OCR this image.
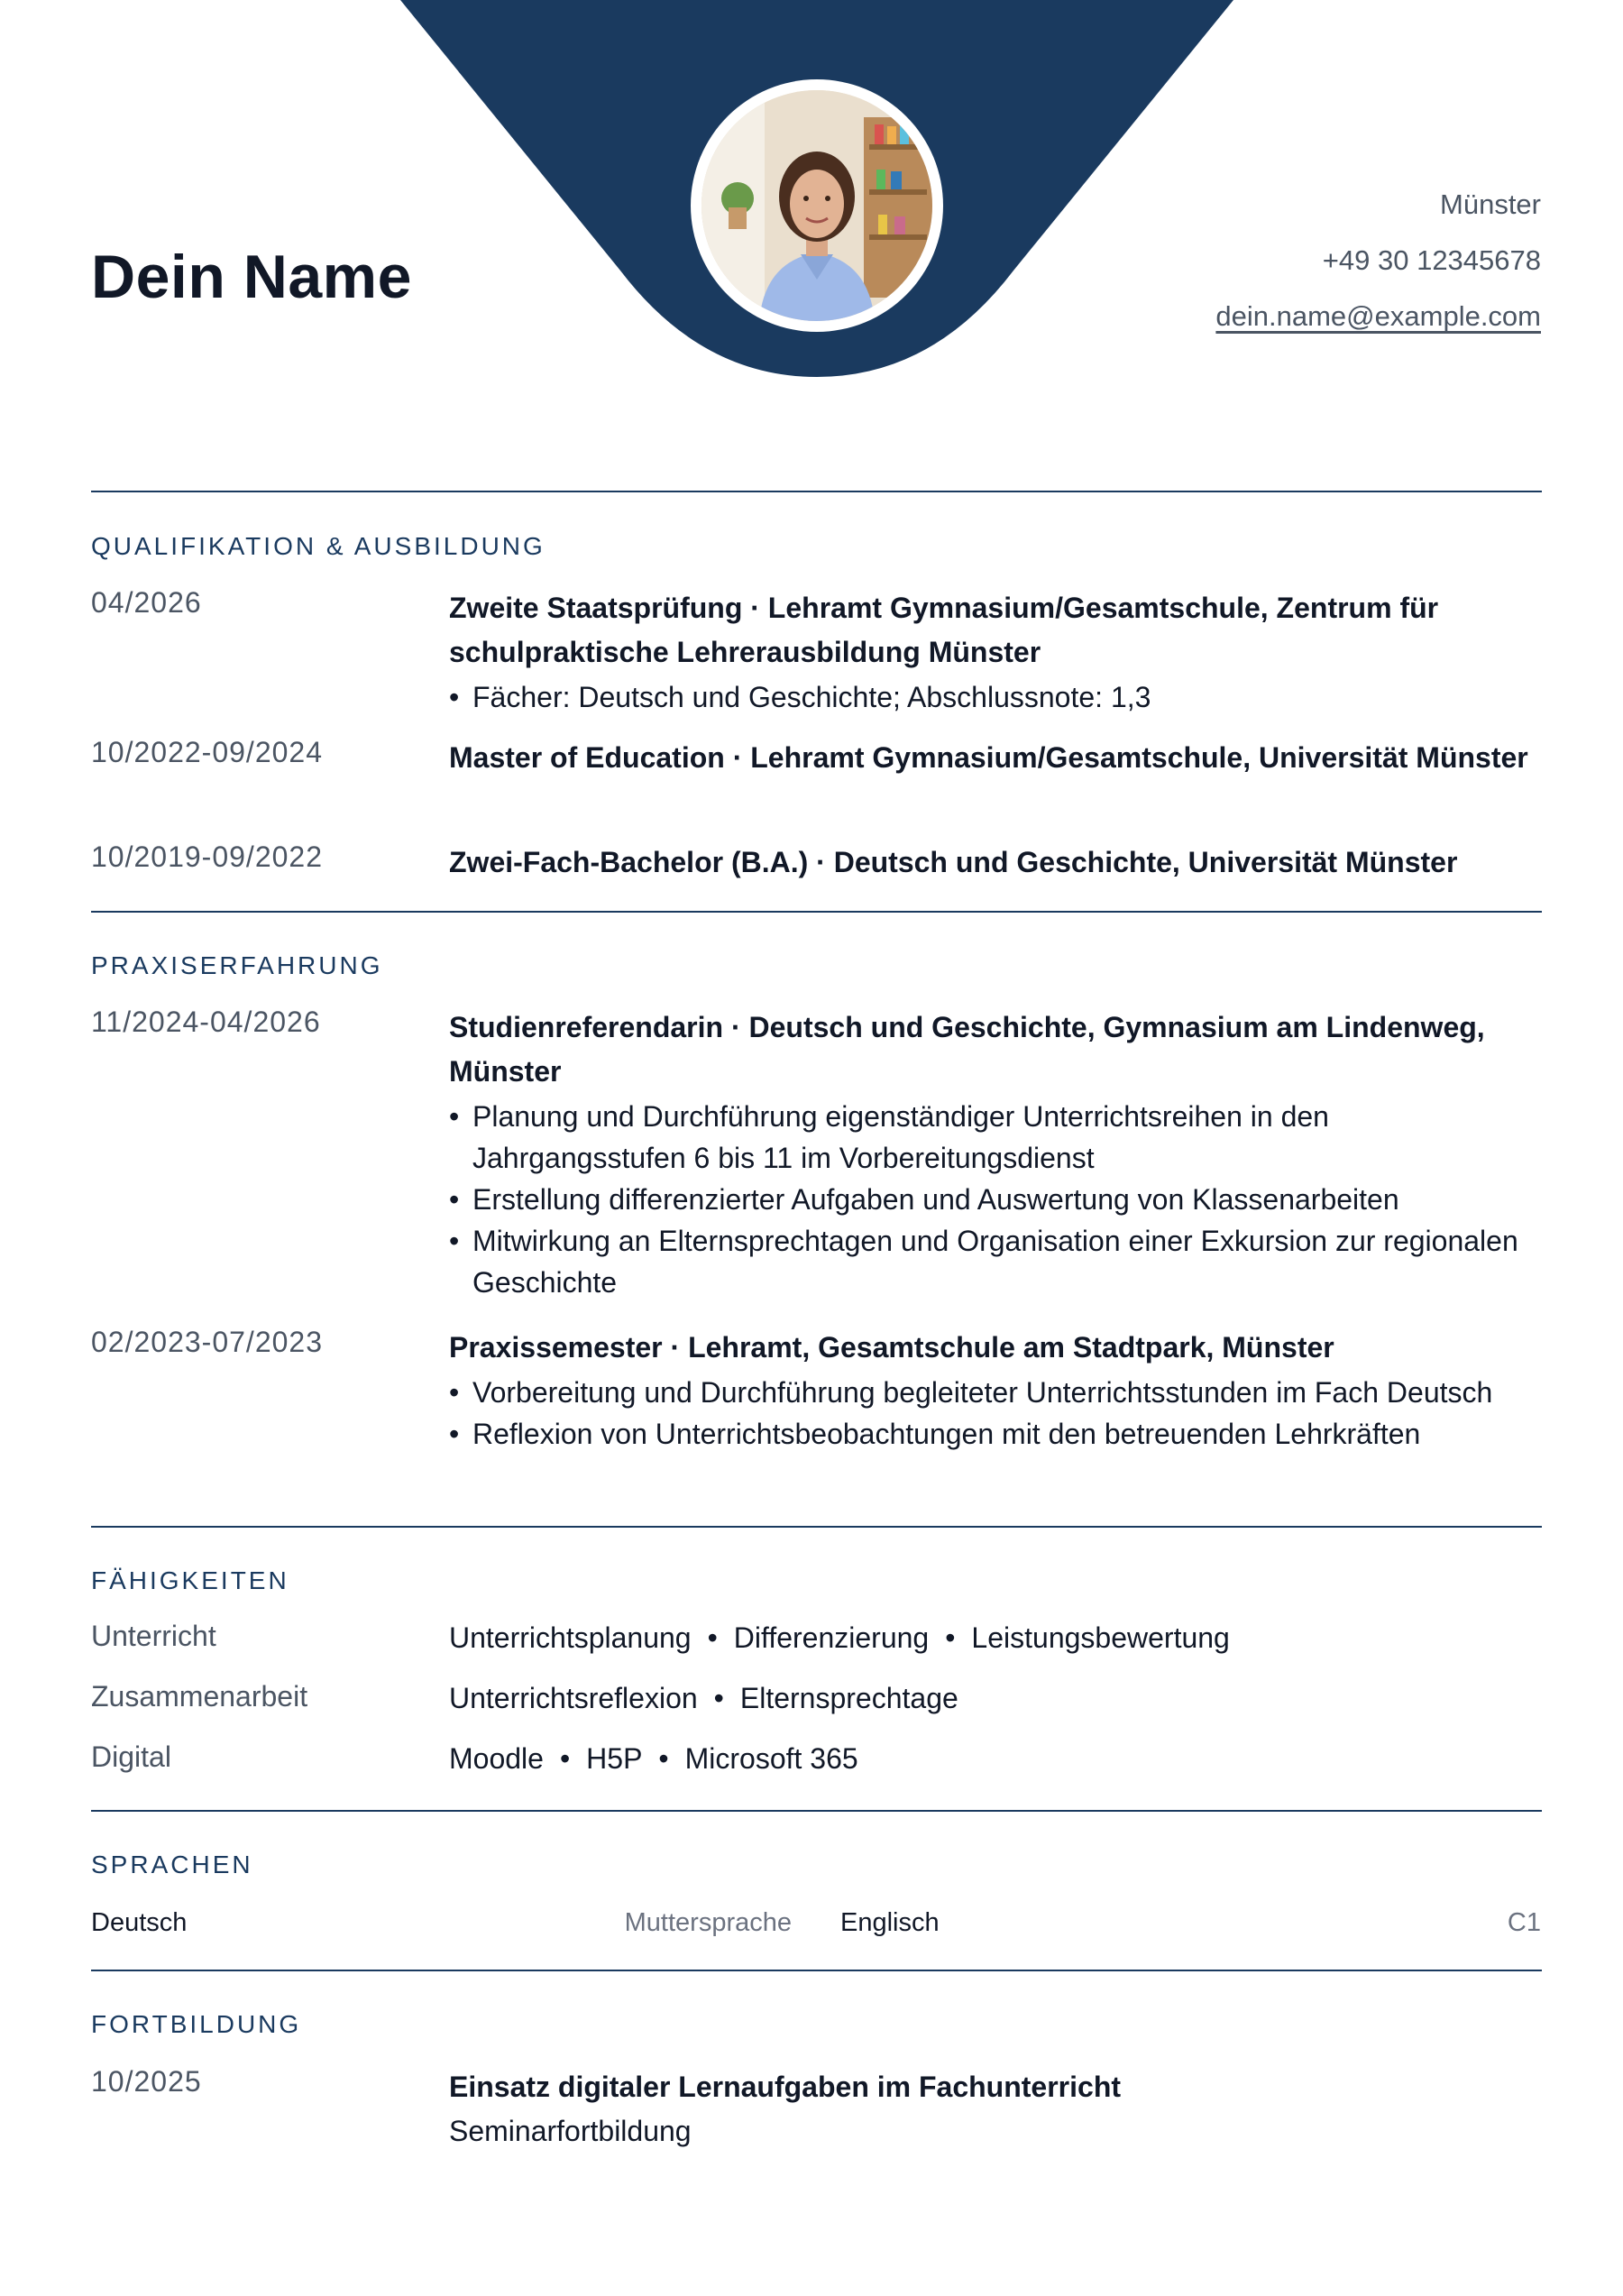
Dein Name
Münster
+49 30 12345678
dein.name@example.com
QUALIFIKATION & AUSBILDUNG
04/2026	Zweite Staatsprüfung · Lehramt Gymnasium/Gesamtschule, Zentrum für schulpraktische Lehrerausbildung Münster
• Fächer: Deutsch und Geschichte; Abschlussnote: 1,3
10/2022-09/2024	Master of Education · Lehramt Gymnasium/Gesamtschule, Universität Münster
10/2019-09/2022	Zwei-Fach-Bachelor (B.A.) · Deutsch und Geschichte, Universität Münster
PRAXISERFAHRUNG
11/2024-04/2026	Studienreferendarin · Deutsch und Geschichte, Gymnasium am Lindenweg, Münster
• Planung und Durchführung eigenständiger Unterrichtsreihen in den Jahrgangsstufen 6 bis 11 im Vorbereitungsdienst
• Erstellung differenzierter Aufgaben und Auswertung von Klassenarbeiten
• Mitwirkung an Elternsprechtagen und Organisation einer Exkursion zur regionalen Geschichte
02/2023-07/2023	Praxissemester · Lehramt, Gesamtschule am Stadtpark, Münster
• Vorbereitung und Durchführung begleiteter Unterrichtsstunden im Fach Deutsch
• Reflexion von Unterrichtsbeobachtungen mit den betreuenden Lehrkräften
FÄHIGKEITEN
Unterricht	Unterrichtsplanung • Differenzierung • Leistungsbewertung
Zusammenarbeit	Unterrichtsreflexion • Elternsprechtage
Digital	Moodle • H5P • Microsoft 365
SPRACHEN
Deutsch	Muttersprache Englisch	C1
FORTBILDUNG
10/2025	Einsatz digitaler Lernaufgaben im Fachunterricht
Seminarfortbildung
